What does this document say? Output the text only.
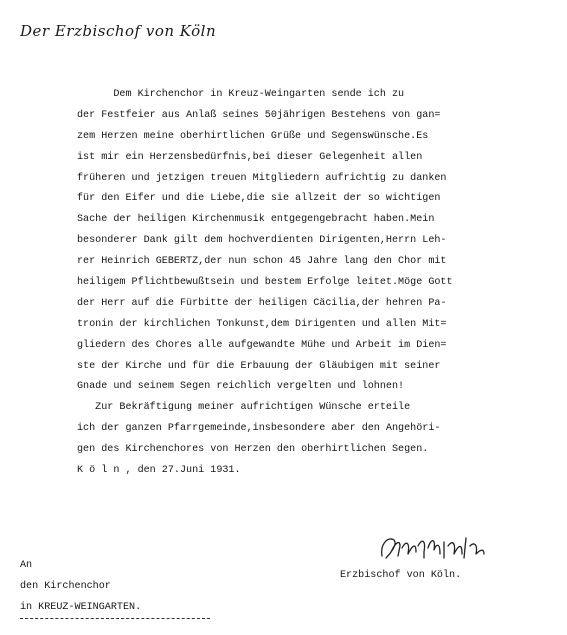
Der Erzbischof von Köln
Dem Kirchenchor in Kreuz-Weingarten sende ich zu
der Festfeier aus Anlaß seines 50jährigen Bestehens von gan=
zem Herzen meine oberhirtlichen Grüße und Segenswünsche.Es
ist mir ein Herzensbedürfnis,bei dieser Gelegenheit allen
früheren und jetzigen treuen Mitgliedern aufrichtig zu danken
für den Eifer und die Liebe,die sie allzeit der so wichtigen
Sache der heiligen Kirchenmusik entgegengebracht haben.Mein
besonderer Dank gilt dem hochverdienten Dirigenten,Herrn Leh-
rer Heinrich GEBERTZ,der nun schon 45 Jahre lang den Chor mit
heiligem Pflichtbewußtsein und bestem Erfolge leitet.Möge Gott
der Herr auf die Fürbitte der heiligen Cäcilia,der hehren Pa-
tronin der kirchlichen Tonkunst,dem Dirigenten und allen Mit=
gliedern des Chores alle aufgewandte Mühe und Arbeit im Dien=
ste der Kirche und für die Erbauung der Gläubigen mit seiner
Gnade und seinem Segen reichlich vergelten und lohnen!
Zur Bekräftigung meiner aufrichtigen Wünsche erteile
ich der ganzen Pfarrgemeinde,insbesondere aber den Angehöri-
gen des Kirchenchores von Herzen den oberhirtlichen Segen.
K ö l n , den 27.Juni 1931.
Erzbischof von Köln.
An
den Kirchenchor
in KREUZ-WEINGARTEN.
